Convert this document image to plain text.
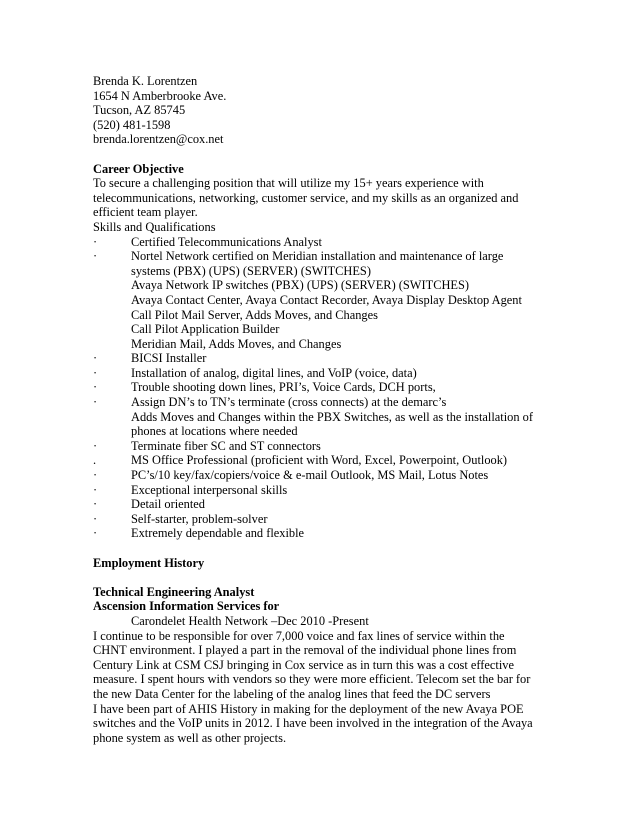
Brenda K. Lorentzen
1654 N Amberbrooke Ave.
Tucson, AZ 85745
(520) 481-1598
brenda.lorentzen@cox.net
Career Objective
To secure a challenging position that will utilize my 15+ years experience with
telecommunications, networking, customer service, and my skills as an organized and
efficient team player.
Skills and Qualifications
·	Certified Telecommunications Analyst
·	Nortel Network certified on Meridian installation and maintenance of large
systems (PBX) (UPS) (SERVER) (SWITCHES)
Avaya Network IP switches (PBX) (UPS) (SERVER) (SWITCHES)
Avaya Contact Center, Avaya Contact Recorder, Avaya Display Desktop Agent
Call Pilot Mail Server, Adds Moves, and Changes
Call Pilot Application Builder
Meridian Mail, Adds Moves, and Changes
·	BICSI Installer
·	Installation of analog, digital lines, and VoIP (voice, data)
·	Trouble shooting down lines, PRI’s, Voice Cards, DCH ports,
·	Assign DN’s to TN’s terminate (cross connects) at the demarc’s
Adds Moves and Changes within the PBX Switches, as well as the installation of
phones at locations where needed
·	Terminate fiber SC and ST connectors
.	MS Office Professional (proficient with Word, Excel, Powerpoint, Outlook)
·	PC’s/10 key/fax/copiers/voice & e-mail Outlook, MS Mail, Lotus Notes
·	Exceptional interpersonal skills
·	Detail oriented
·	Self-starter, problem-solver
·	Extremely dependable and flexible
Employment History
Technical Engineering Analyst
Ascension Information Services for
Carondelet Health Network –Dec 2010 -Present
I continue to be responsible for over 7,000 voice and fax lines of service within the
CHNT environment. I played a part in the removal of the individual phone lines from
Century Link at CSM CSJ bringing in Cox service as in turn this was a cost effective
measure. I spent hours with vendors so they were more efficient. Telecom set the bar for
the new Data Center for the labeling of the analog lines that feed the DC servers
I have been part of AHIS History in making for the deployment of the new Avaya POE
switches and the VoIP units in 2012. I have been involved in the integration of the Avaya
phone system as well as other projects.
